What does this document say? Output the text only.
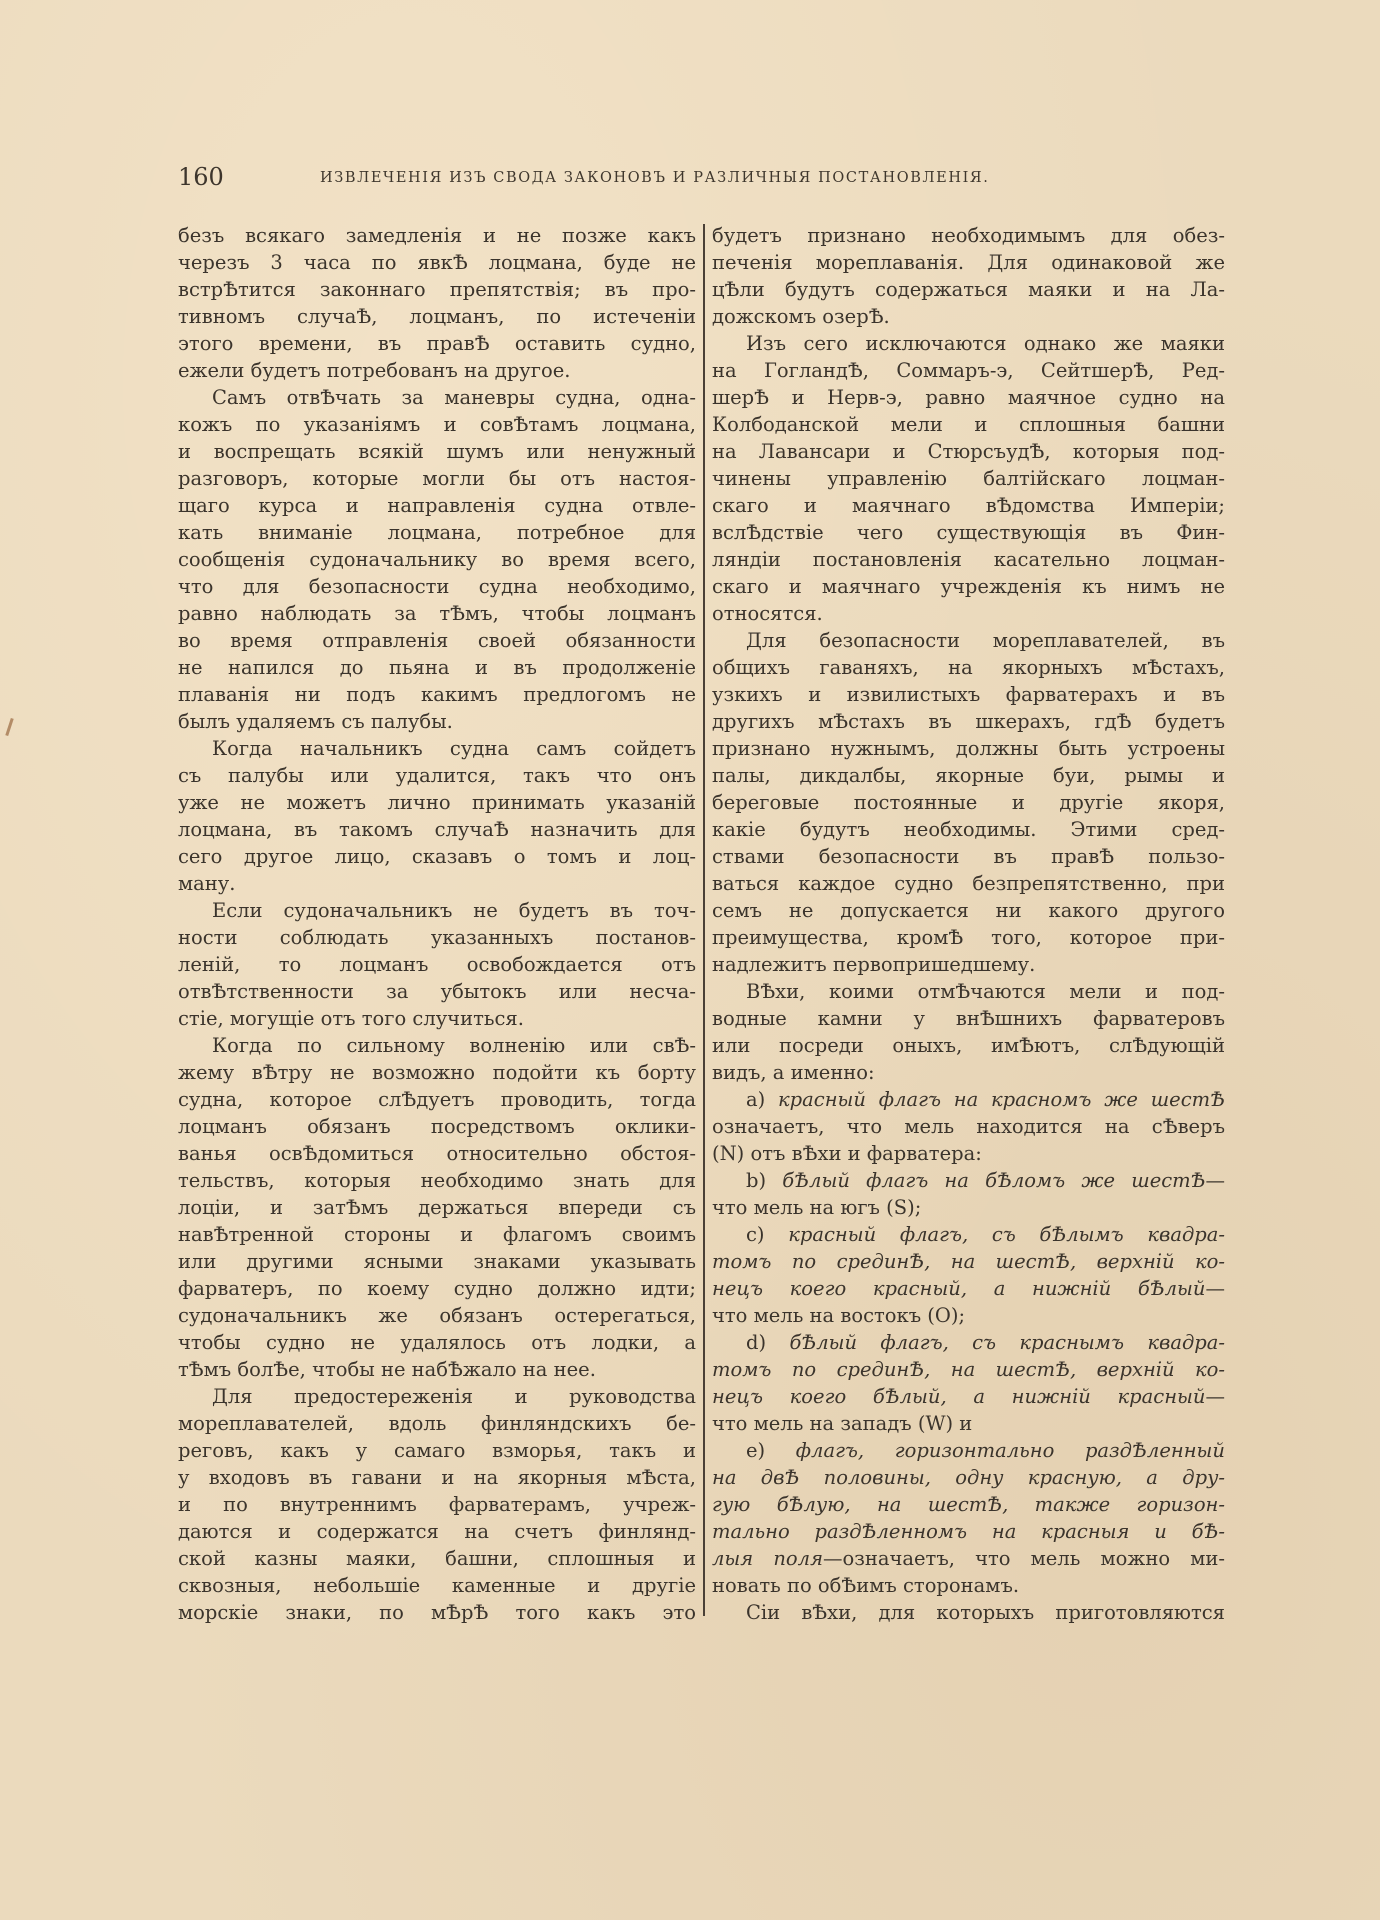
160	ИЗВЛЕЧЕНІЯ ИЗЪ СВОДА ЗАКОНОВЪ И РАЗЛИЧНЫЯ ПОСТАНОВЛЕНІЯ.
безъ всякаго замедленія и не позже какъ
черезъ 3 часа по явкѢ лоцмана, буде не
встрѢтится законнаго препятствія; въ про-
тивномъ случаѢ, лоцманъ, по истеченіи
этого времени, въ правѢ оставить судно,
ежели будетъ потребованъ на другое.
Самъ отвѢчать за маневры судна, одна-
кожъ по указаніямъ и совѢтамъ лоцмана,
и воспрещать всякій шумъ или ненужный
разговоръ, которые могли бы отъ настоя-
щаго курса и направленія судна отвле-
кать вниманіе лоцмана, потребное для
сообщенія судоначальнику во время всего,
что для безопасности судна необходимо,
равно наблюдать за тѢмъ, чтобы лоцманъ
во время отправленія своей обязанности
не напился до пьяна и въ продолженіе
плаванія ни подъ какимъ предлогомъ не
былъ удаляемъ съ палубы.
Когда начальникъ судна самъ сойдетъ
съ палубы или удалится, такъ что онъ
уже не можетъ лично принимать указаній
лоцмана, въ такомъ случаѢ назначить для
сего другое лицо, сказавъ о томъ и лоц-
ману.
Если судоначальникъ не будетъ въ точ-
ности соблюдать указанныхъ постанов-
леній, то лоцманъ освобождается отъ
отвѢтственности за убытокъ или несча-
стіе, могущіе отъ того случиться.
Когда по сильному волненію или свѢ-
жему вѢтру не возможно подойти къ борту
судна, которое слѢдуетъ проводить, тогда
лоцманъ обязанъ посредствомъ оклики-
ванья освѢдомиться относительно обстоя-
тельствъ, которыя необходимо знать для
лоціи, и затѢмъ держаться впереди съ
навѢтренной стороны и флагомъ своимъ
или другими ясными знаками указывать
фарватеръ, по коему судно должно идти;
судоначальникъ же обязанъ остерегаться,
чтобы судно не удалялось отъ лодки, а
тѢмъ болѢе, чтобы не набѢжало на нее.
Для предостереженія и руководства
мореплавателей, вдоль финляндскихъ бе-
реговъ, какъ у самаго взморья, такъ и
у входовъ въ гавани и на якорныя мѢста,
и по внутреннимъ фарватерамъ, учреж-
даются и содержатся на счетъ финлянд-
ской казны маяки, башни, сплошныя и
сквозныя, небольшіе каменные и другіе
морскіе знаки, по мѢрѢ того какъ это
будетъ признано необходимымъ для обез-
печенія мореплаванія. Для одинаковой же
цѢли будутъ содержаться маяки и на Ла-
дожскомъ озерѢ.
Изъ сего исключаются однако же маяки
на ГогландѢ, Соммаръ-э, СейтшерѢ, Ред-
шерѢ и Нерв-э, равно маячное судно на
Колбоданской мели и сплошныя башни
на Лавансари и СтюрсъудѢ, которыя под-
чинены управленію балтійскаго лоцман-
скаго и маячнаго вѢдомства Имперіи;
вслѢдствіе чего существующія въ Фин-
ляндіи постановленія касательно лоцман-
скаго и маячнаго учрежденія къ нимъ не
относятся.
Для безопасности мореплавателей, въ
общихъ гаваняхъ, на якорныхъ мѢстахъ,
узкихъ и извилистыхъ фарватерахъ и въ
другихъ мѢстахъ въ шкерахъ, гдѢ будетъ
признано нужнымъ, должны быть устроены
палы, дикдалбы, якорные буи, рымы и
береговые постоянные и другіе якоря,
какіе будутъ необходимы. Этими сред-
ствами безопасности въ правѢ пользо-
ваться каждое судно безпрепятственно, при
семъ не допускается ни какого другого
преимущества, кромѢ того, которое при-
надлежитъ первопришедшему.
ВѢхи, коими отмѢчаются мели и под-
водные камни у внѢшнихъ фарватеровъ
или посреди оныхъ, имѢютъ, слѢдующій
видъ, а именно:
а) красный флагъ на красномъ же шестѢ
означаетъ, что мель находится на сѢверъ
(N) отъ вѢхи и фарватера:
b) бѢлый флагъ на бѢломъ же шестѢ—
что мель на югъ (S);
c) красный флагъ, съ бѢлымъ квадра-
томъ по срединѢ, на шестѢ, верхній ко-
нецъ коего красный, а нижній бѢлый—
что мель на востокъ (O);
d) бѢлый флагъ, съ краснымъ квадра-
томъ по срединѢ, на шестѢ, верхній ко-
нецъ коего бѢлый, а нижній красный—
что мель на западъ (W) и
e) флагъ, горизонтально раздѢленный
на двѢ половины, одну красную, а дру-
гую бѢлую, на шестѢ, также горизон-
тально раздѢленномъ на красныя и бѢ-
лыя поля—означаетъ, что мель можно ми-
новать по обѢимъ сторонамъ.
Сіи вѢхи, для которыхъ приготовляются
